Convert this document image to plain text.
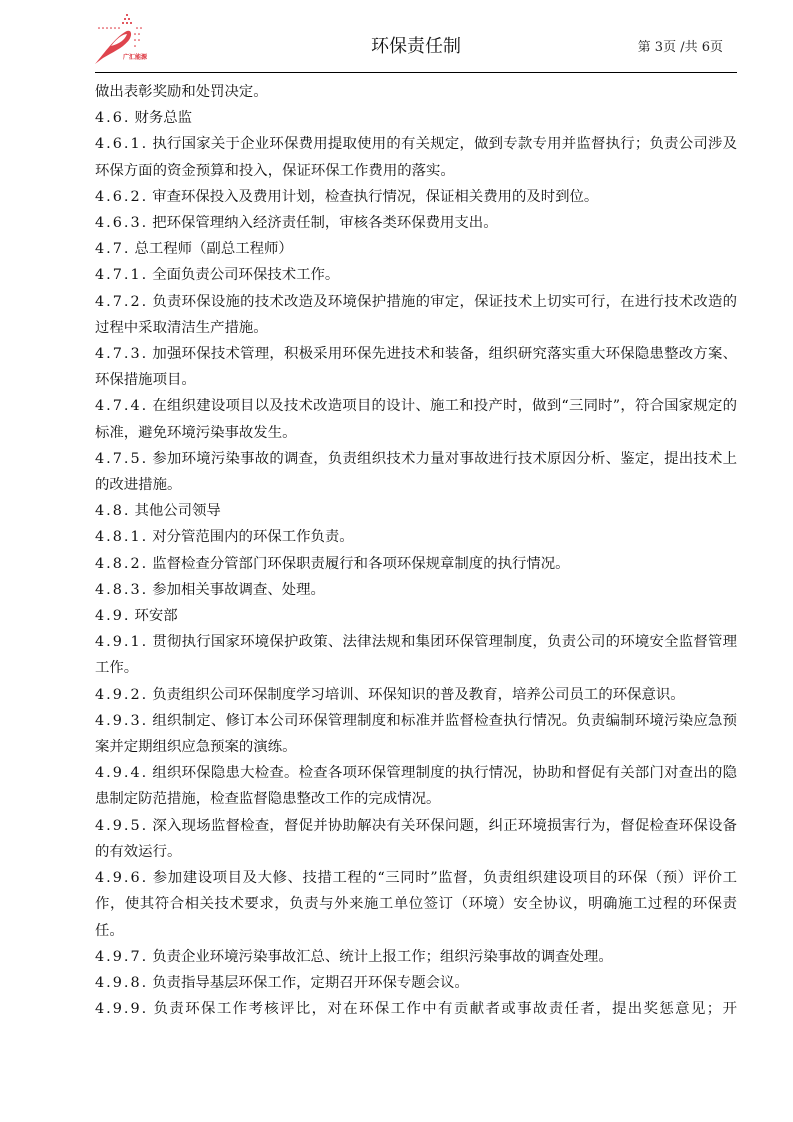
广汇能源
环保责任制	第 3页 /共 6页

做出表彰奖励和处罚决定。

4.6. 财务总监

4.6.1. 执行国家关于企业环保费用提取使用的有关规定，做到专款专用并监督执行；负责公司涉及环保方面的资金预算和投入，保证环保工作费用的落实。

4.6.2. 审查环保投入及费用计划，检查执行情况，保证相关费用的及时到位。

4.6.3. 把环保管理纳入经济责任制，审核各类环保费用支出。

4.7. 总工程师（副总工程师）

4.7.1. 全面负责公司环保技术工作。

4.7.2. 负责环保设施的技术改造及环境保护措施的审定，保证技术上切实可行，在进行技术改造的过程中采取清洁生产措施。

4.7.3. 加强环保技术管理，积极采用环保先进技术和装备，组织研究落实重大环保隐患整改方案、环保措施项目。

4.7.4. 在组织建设项目以及技术改造项目的设计、施工和投产时，做到“三同时”，符合国家规定的标准，避免环境污染事故发生。

4.7.5. 参加环境污染事故的调查，负责组织技术力量对事故进行技术原因分析、鉴定，提出技术上的改进措施。

4.8. 其他公司领导

4.8.1. 对分管范围内的环保工作负责。

4.8.2. 监督检查分管部门环保职责履行和各项环保规章制度的执行情况。

4.8.3. 参加相关事故调查、处理。

4.9. 环安部

4.9.1. 贯彻执行国家环境保护政策、法律法规和集团环保管理制度，负责公司的环境安全监督管理工作。

4.9.2. 负责组织公司环保制度学习培训、环保知识的普及教育，培养公司员工的环保意识。

4.9.3. 组织制定、修订本公司环保管理制度和标准并监督检查执行情况。负责编制环境污染应急预案并定期组织应急预案的演练。

4.9.4. 组织环保隐患大检查。检查各项环保管理制度的执行情况，协助和督促有关部门对查出的隐患制定防范措施，检查监督隐患整改工作的完成情况。

4.9.5. 深入现场监督检查，督促并协助解决有关环保问题，纠正环境损害行为，督促检查环保设备的有效运行。

4.9.6. 参加建设项目及大修、技措工程的“三同时”监督，负责组织建设项目的环保（预）评价工作，使其符合相关技术要求，负责与外来施工单位签订（环境）安全协议，明确施工过程的环保责任。

4.9.7. 负责企业环境污染事故汇总、统计上报工作；组织污染事故的调查处理。

4.9.8. 负责指导基层环保工作，定期召开环保专题会议。

4.9.9. 负责环保工作考核评比，对在环保工作中有贡献者或事故责任者，提出奖惩意见；开
